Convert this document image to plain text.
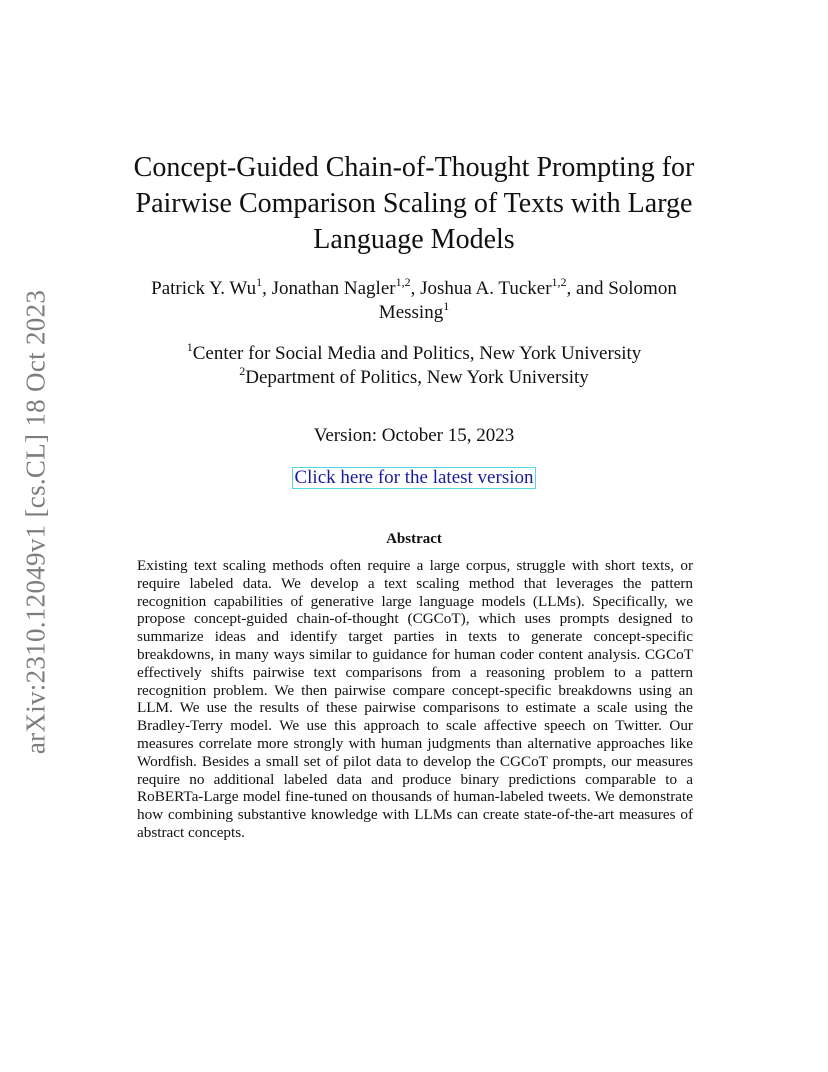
arXiv:2310.12049v1 [cs.CL] 18 Oct 2023
Concept-Guided Chain-of-Thought Prompting for
Pairwise Comparison Scaling of Texts with Large
Language Models
Patrick Y. Wu$^1$, Jonathan Nagler$^{1,2}$, Joshua A. Tucker$^{1,2}$, and Solomon
Messing$^1$
$^1$Center for Social Media and Politics, New York University
$^2$Department of Politics, New York University
Version: October 15, 2023
Click here for the latest version
Abstract

Existing text scaling methods often require a large corpus, struggle with short texts, or require labeled data. We develop a text scaling method that leverages the pattern recognition capabilities of generative large language models (LLMs). Specifically, we propose concept-guided chain-of-thought (CGCoT), which uses prompts designed to summarize ideas and identify target parties in texts to generate concept-specific breakdowns, in many ways similar to guidance for human coder content analysis. CGCoT effectively shifts pairwise text comparisons from a reasoning problem to a pattern recognition problem. We then pairwise compare concept-specific breakdowns using an LLM. We use the results of these pairwise comparisons to estimate a scale using the Bradley-Terry model. We use this approach to scale affective speech on Twitter. Our measures correlate more strongly with human judgments than alternative approaches like Wordfish. Besides a small set of pilot data to develop the CGCoT prompts, our measures require no additional labeled data and produce binary predictions comparable to a RoBERTa-Large model fine-tuned on thousands of human-labeled tweets. We demonstrate how combining substantive knowledge with LLMs can create state-of-the-art measures of abstract concepts.
